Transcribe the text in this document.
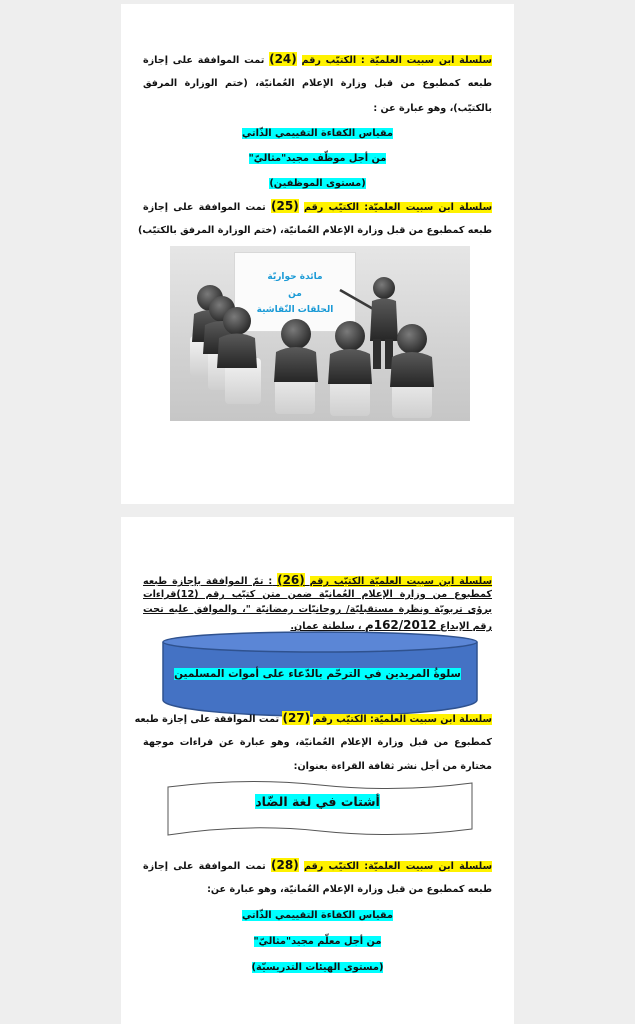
سلسلة ابن سبيت العلميّة : الكتيّب رقم (24) تمت الموافقة على إجازة
طبعه كمطبوع من قبل وزارة الإعلام العُمانيّة، (ختم الوزارة المرفق
بالكتيّب)، وهو عبارة عن :
مقياس الكفاءة التقييمي الذّاتي
من أجل موظّف مجيد"مثاليّ"
(مستوى الموظفين)
سلسلة ابن سبيت العلميّة: الكتيّب رقم (25) تمت الموافقة على إجازة
طبعه كمطبوع من قبل وزارة الإعلام العُمانيّة، (ختم الوزارة المرفق بالكتيّب)
مائدة حواريّة
من
الحلقات النّقاشية
سلسلة ابن سبيت العلميّة الكتيّب رقم (26) : تمّ الموافقة بإجازة طبعه
كمطبوع من وزارة الإعلام العُمانيّة ضمن متن كتيّب رقم (12)قراءات
برؤى تربويّة ونظرة مستقبليّة/ روحانيّات رمضانيّة "، والموافق عليه تحت
رقم الإيداع 162/2012م ، سلطنة عمان.
سلوةُ المريدين في الترحّم بالدّعاء على أموات المسلمين
سلسلة ابن سبيت العلميّة: الكتيّب رقم (27) تمت الموافقة على إجازة طبعه
كمطبوع من قبل وزارة الإعلام العُمانيّة، وهو عبارة عن قراءات موجهة
مختارة من أجل نشر ثقافة القراءة بعنوان:
أشتات في لغة الضّاد
سلسلة ابن سبيت العلميّة: الكتيّب رقم (28) تمت الموافقة على إجازة
طبعه كمطبوع من قبل وزارة الإعلام العُمانيّة، وهو عبارة عن:
مقياس الكفاءة التقييمي الذّاتي
من أجل معلّم مجيد"مثاليّ"
(مستوى الهيئات التدريسيّة)
